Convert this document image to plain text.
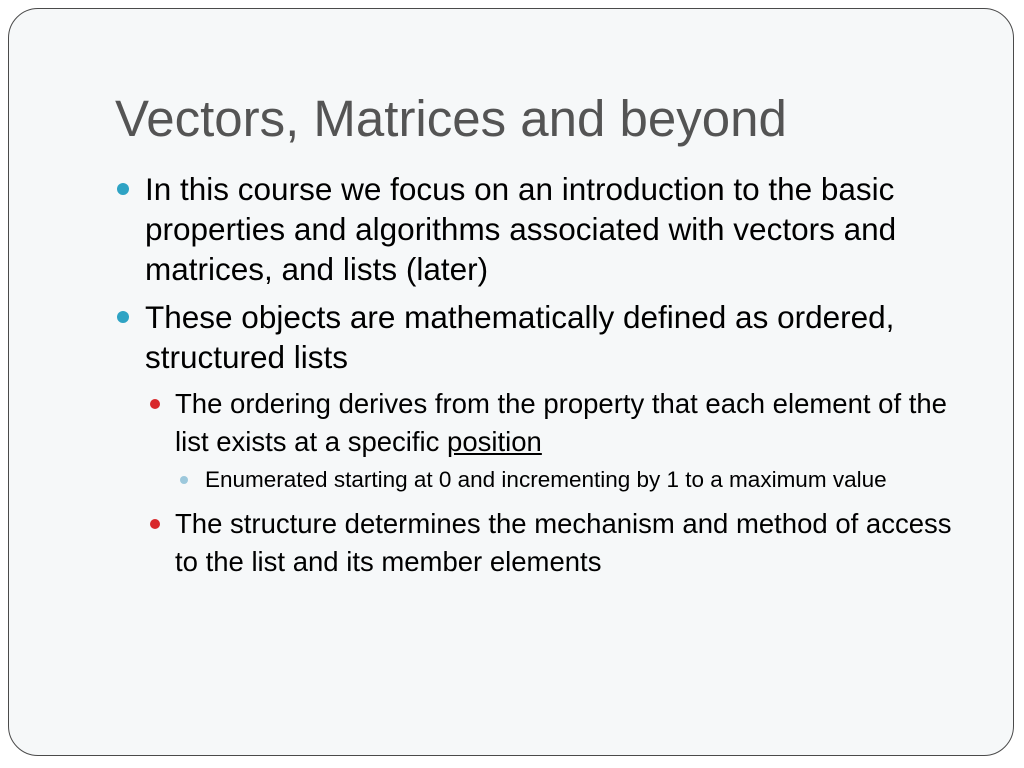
Vectors, Matrices and beyond
In this course we focus on an introduction to the basic properties and algorithms associated with vectors and matrices, and lists (later)
These objects are mathematically defined as ordered, structured lists
The ordering derives from the property that each element of the list exists at a specific position
Enumerated starting at 0 and incrementing by 1 to a maximum value
The structure determines the mechanism and method of access to the list and its member elements
